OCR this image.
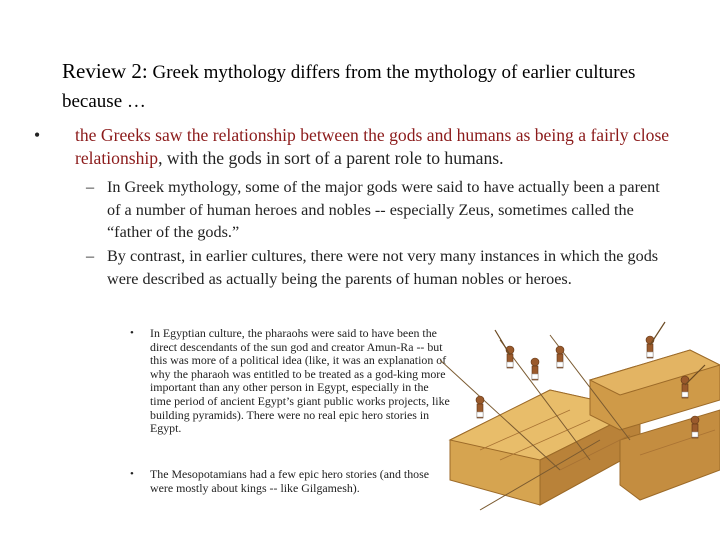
Review 2: Greek mythology differs from the mythology of earlier cultures because …
• the Greeks saw the relationship between the gods and humans as being a fairly close relationship, with the gods in sort of a parent role to humans.
– In Greek mythology, some of the major gods were said to have actually been a parent of a number of human heroes and nobles -- especially Zeus, sometimes called the “father of the gods.”
– By contrast, in earlier cultures, there were not very many instances in which the gods were described as actually being the parents of human nobles or heroes.
• In Egyptian culture, the pharaohs were said to have been the direct descendants of the sun god and creator Amun-Ra -- but this was more of a political idea (like, it was an explanation of why the pharaoh was entitled to be treated as a god-king more important than any other person in Egypt, especially in the time period of ancient Egypt’s giant public works projects, like building pyramids). There were no real epic hero stories in Egypt.
• The Mesopotamians had a few epic hero stories (and those were mostly about kings -- like Gilgamesh).
